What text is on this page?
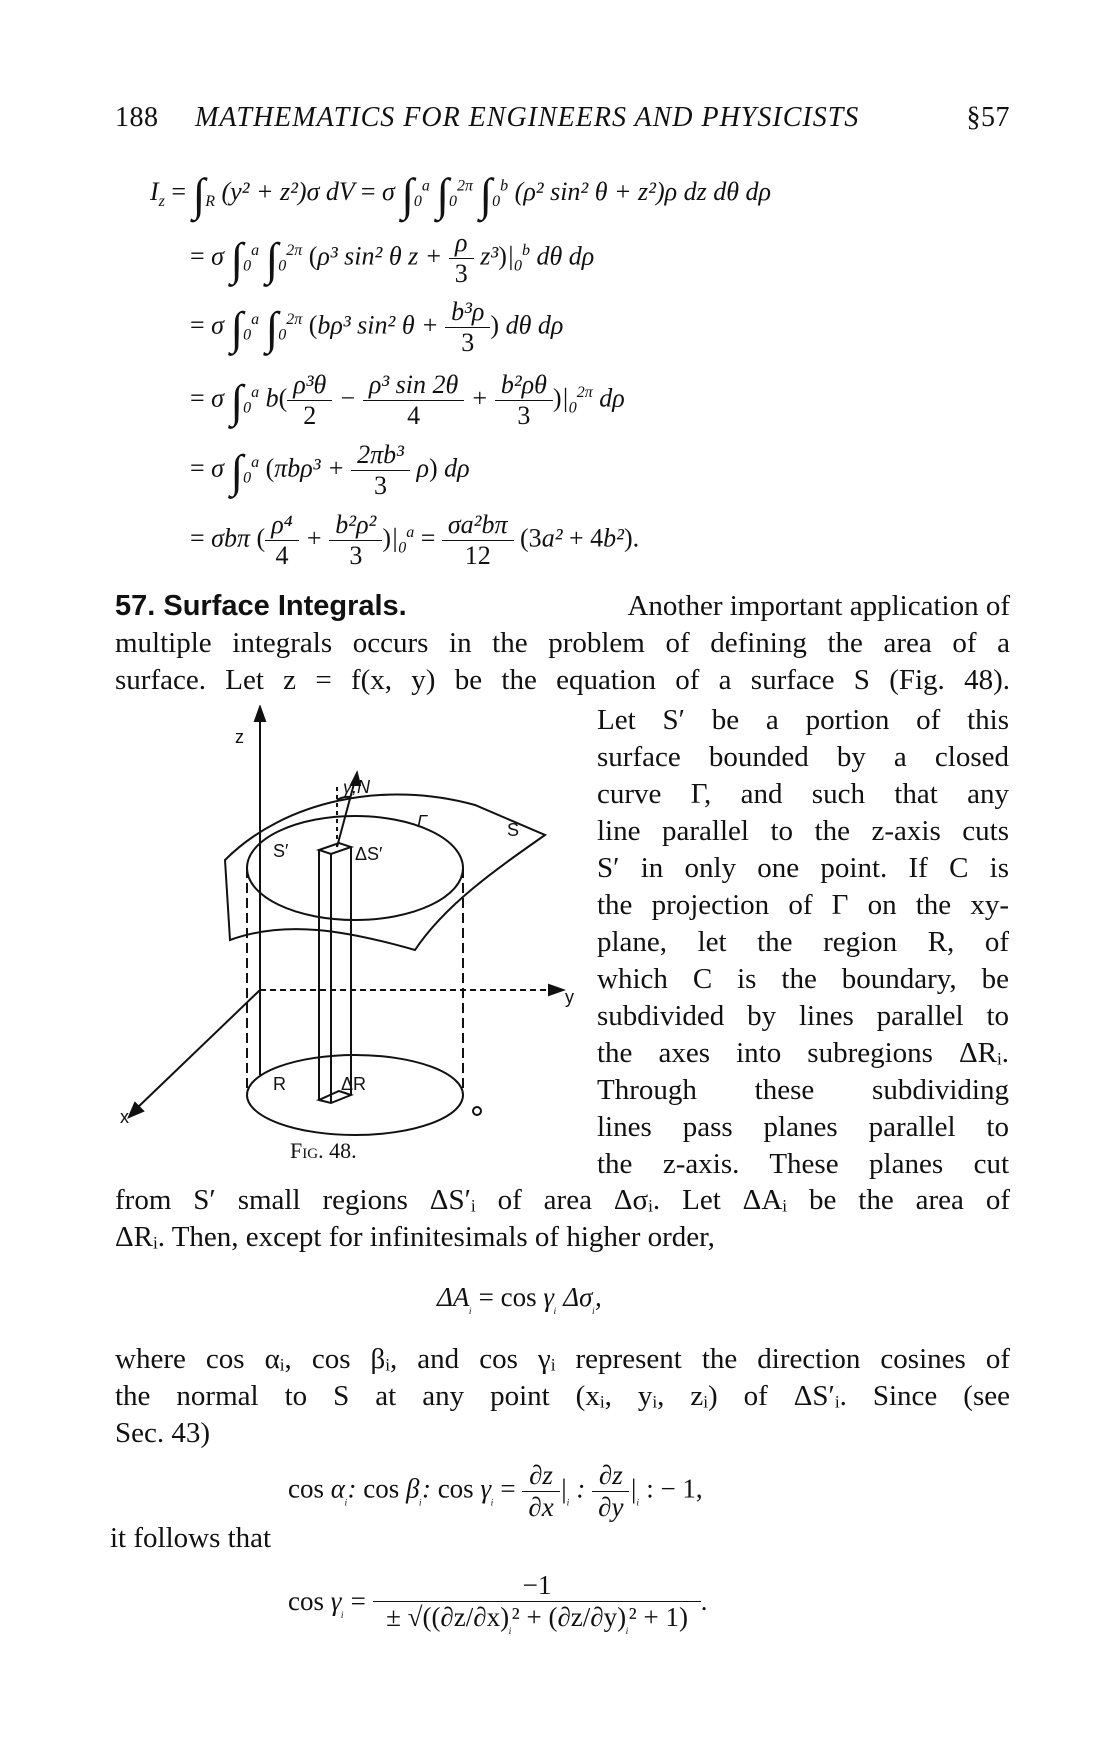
188 MATHEMATICS FOR ENGINEERS AND PHYSICISTS	§57
$I_z = \int_R$ (y² + z²)σ dV = σ $\int_0^a$ $\int_0^{2\pi}$ $\int_0^b$ (ρ² sin² θ + z²)ρ dz dθ dρ
= σ $\int_0^a$ $\int_0^{2\pi}$ (ρ³ sin² θ $z + \frac{\rho}{3} z^3)|_0^b$ dθ dρ
= σ $\int_0^a$ $\int_0^{2\pi}$ (bρ³ sin² $\theta + \frac{\text{b³ρ}}{3}$ ) dθ dρ
= σ $\int_0^a$ $b( \frac{\text{ρ³θ}}{2} - \frac{\text{ρ³ sin 2θ}}{4} + \frac{\text{b²ρθ}}{3} )|_0^{2\pi}$ dρ
= σ $\int_0^a$ $(\pi b\rho^3 + \frac{\text{2πb³}}{3} \rho)$ dρ
= σbπ ( $\frac{\text{ρ⁴}}{4} + \frac{\text{b²ρ²}}{3} )|_0^a = \frac{\text{σa²bπ}}{12} (3a^2 + 4b^2)$.
57. Surface Integrals.	Another important application of
multiple integrals occurs in the problem of defining the area of a
surface. Let z = f(x, y) be the equation of a surface S (Fig. 48).
Let S′ be a portion of this
surface bounded by a closed
curve Γ, and such that any
line parallel to the z-axis cuts
S′ in only one point. If C is
the projection of Γ on the xy-
plane, let the region R, of
which C is the boundary, be
subdivided by lines parallel to
the axes into subregions ΔRᵢ.
Through these subdividing
lines pass planes parallel to
the z-axis. These planes cut
z
y
x
S
S′
γ,N
Γ
ΔS′
R	ΔR
Fig. 48.
from S′ small regions ΔS′ᵢ of area Δσᵢ. Let ΔAᵢ be the area of
ΔRᵢ. Then, except for infinitesimals of higher order,
$\Delta A_ᵢ = \cos \gamma_ᵢ$ $\Delta\sigma_ᵢ$,
where cos αᵢ, cos βᵢ, and cos γᵢ represent the direction cosines of
the normal to S at any point (xᵢ, yᵢ, zᵢ) of ΔS′ᵢ. Since (see
Sec. 43)
$\cos \alpha_ᵢ$: $\cos \beta_ᵢ$: $\cos \gamma_ᵢ = \frac{\partial z}{\partial x} |_ᵢ$ : $\frac{\partial z}{\partial y} |_ᵢ$ : − 1,
it follows that
$\cos \gamma_ᵢ = \frac{-1}{\pm √((\partial z/\partial x)_ᵢ^2 + (\partial z/\partial y)_ᵢ^2 + 1)}$ .
